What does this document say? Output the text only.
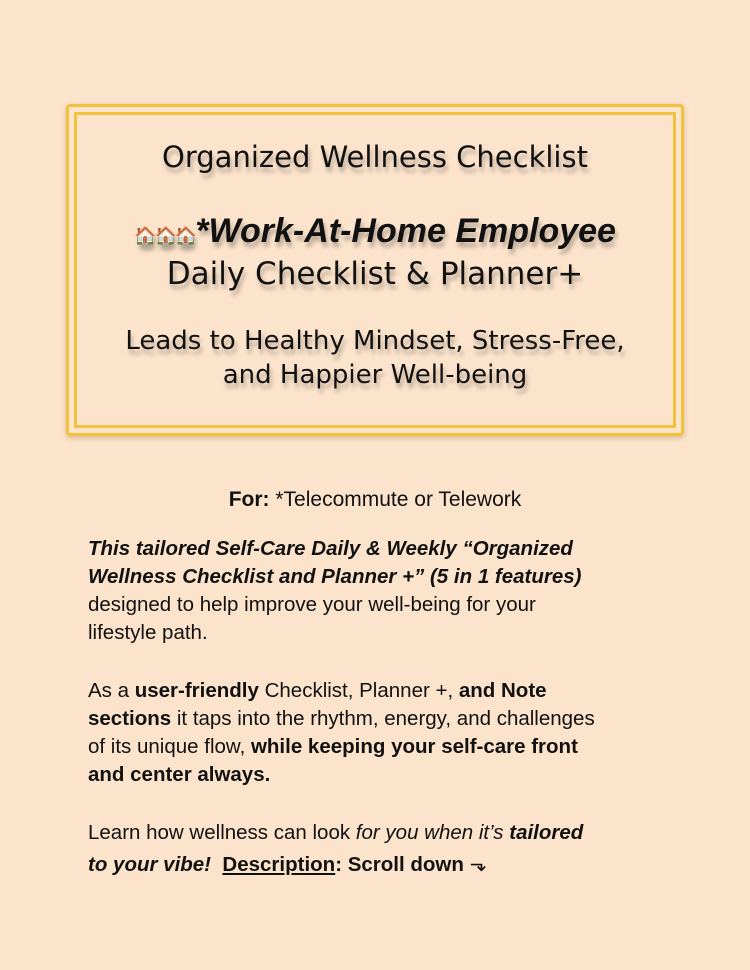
Organized Wellness Checklist
🏠🏠🏠*Work-At-Home Employee
Daily Checklist & Planner+
Leads to Healthy Mindset, Stress-Free,
and Happier Well-being
For: *Telecommute or Telework
This tailored Self-Care Daily & Weekly “Organized
Wellness Checklist and Planner +” (5 in 1 features)
designed to help improve your well-being for your
lifestyle path.
As a user-friendly Checklist, Planner +, and Note
sections it taps into the rhythm, energy, and challenges
of its unique flow, while keeping your self-care front
and center always.
Learn how wellness can look for you when it’s tailored
to your vibe! Description: Scroll down ⬎
